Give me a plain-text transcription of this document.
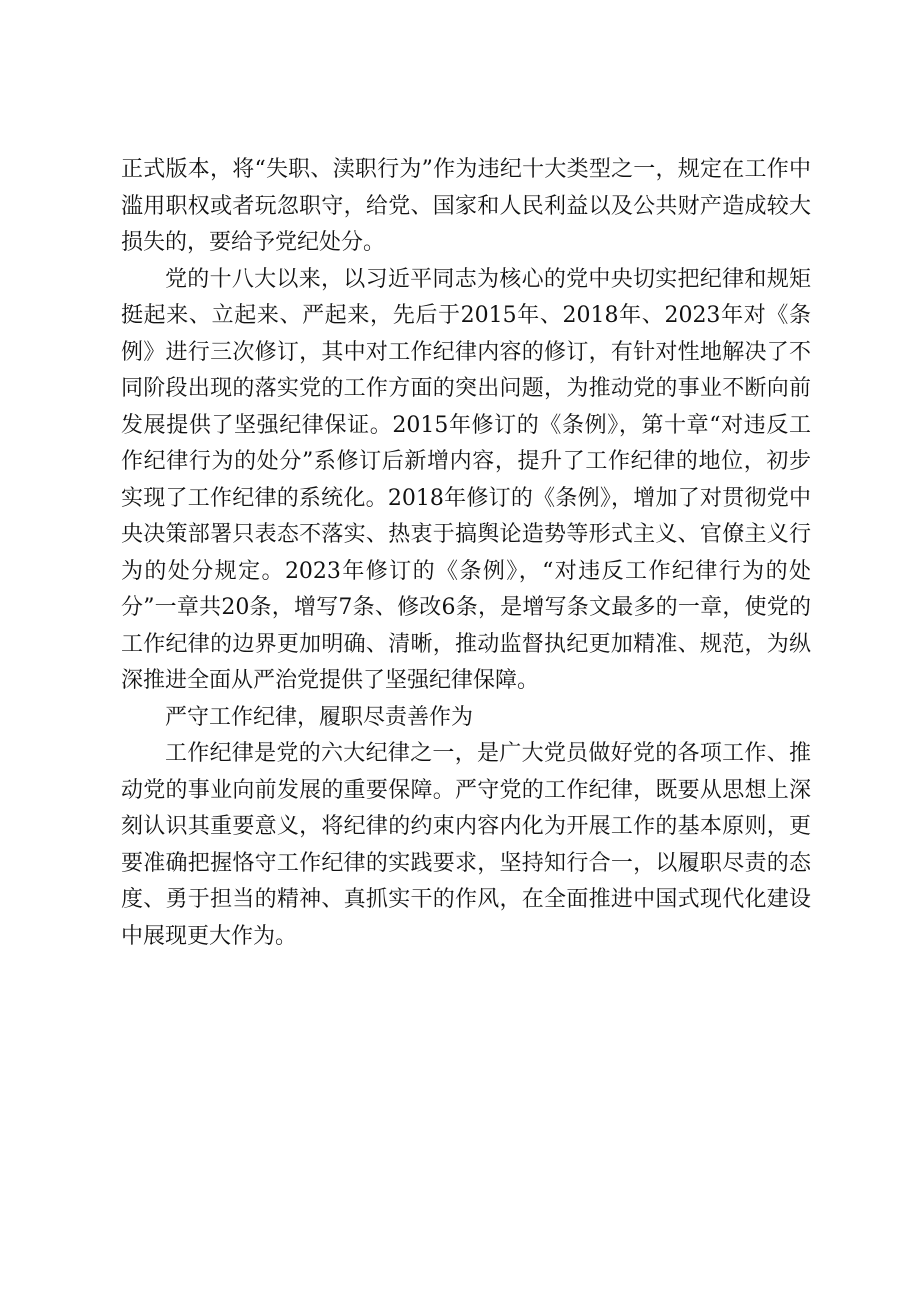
正式版本，将“失职、渎职行为”作为违纪十大类型之一，规定在工作中滥用职权或者玩忽职守，给党、国家和人民利益以及公共财产造成较大损失的，要给予党纪处分。

党的十八大以来，以习近平同志为核心的党中央切实把纪律和规矩挺起来、立起来、严起来，先后于2015年、2018年、2023年对《条例》进行三次修订，其中对工作纪律内容的修订，有针对性地解决了不同阶段出现的落实党的工作方面的突出问题，为推动党的事业不断向前发展提供了坚强纪律保证。2015年修订的《条例》，第十章“对违反工作纪律行为的处分”系修订后新增内容，提升了工作纪律的地位，初步实现了工作纪律的系统化。2018年修订的《条例》，增加了对贯彻党中央决策部署只表态不落实、热衷于搞舆论造势等形式主义、官僚主义行为的处分规定。2023年修订的《条例》，“对违反工作纪律行为的处分”一章共20条，增写7条、修改6条，是增写条文最多的一章，使党的工作纪律的边界更加明确、清晰，推动监督执纪更加精准、规范，为纵深推进全面从严治党提供了坚强纪律保障。

严守工作纪律，履职尽责善作为

工作纪律是党的六大纪律之一，是广大党员做好党的各项工作、推动党的事业向前发展的重要保障。严守党的工作纪律，既要从思想上深刻认识其重要意义，将纪律的约束内容内化为开展工作的基本原则，更要准确把握恪守工作纪律的实践要求，坚持知行合一，以履职尽责的态度、勇于担当的精神、真抓实干的作风，在全面推进中国式现代化建设中展现更大作为。
